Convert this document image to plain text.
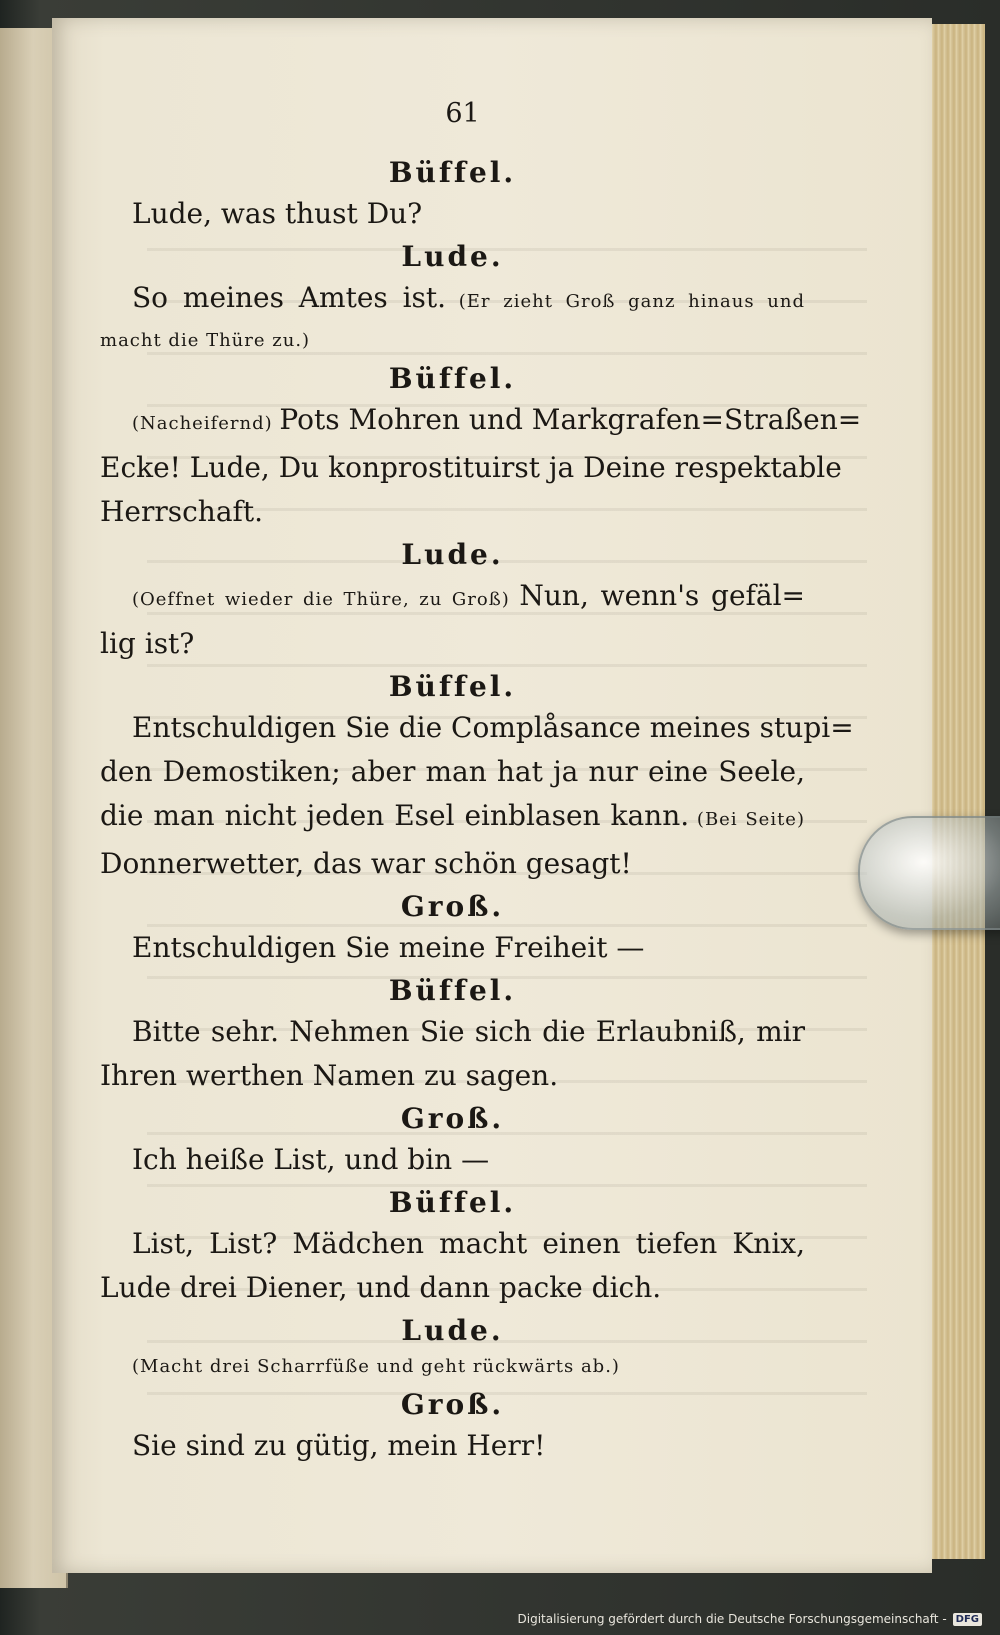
61
Büffel.
Lude, was thust Du?
Lude.
So meines Amtes ist. (Er zieht Groß ganz hinaus und
macht die Thüre zu.)
Büffel.
(Nacheifernd) Pots Mohren und Markgrafen=Straßen=
Ecke! Lude, Du konprostituirst ja Deine respektable
Herrschaft.
Lude.
(Oeffnet wieder die Thüre, zu Groß) Nun, wenn's gefäl=
lig ist?
Büffel.
Entschuldigen Sie die Complåsance meines stupi=
den Demostiken; aber man hat ja nur eine Seele,
die man nicht jeden Esel einblasen kann. (Bei Seite)
Donnerwetter, das war schön gesagt!
Groß.
Entschuldigen Sie meine Freiheit —
Büffel.
Bitte sehr. Nehmen Sie sich die Erlaubniß, mir
Ihren werthen Namen zu sagen.
Groß.
Ich heiße List, und bin —
Büffel.
List, List? Mädchen macht einen tiefen Knix,
Lude drei Diener, und dann packe dich.
Lude.
(Macht drei Scharrfüße und geht rückwärts ab.)
Groß.
Sie sind zu gütig, mein Herr!
Digitalisierung gefördert durch die Deutsche Forschungsgemeinschaft - DFG
